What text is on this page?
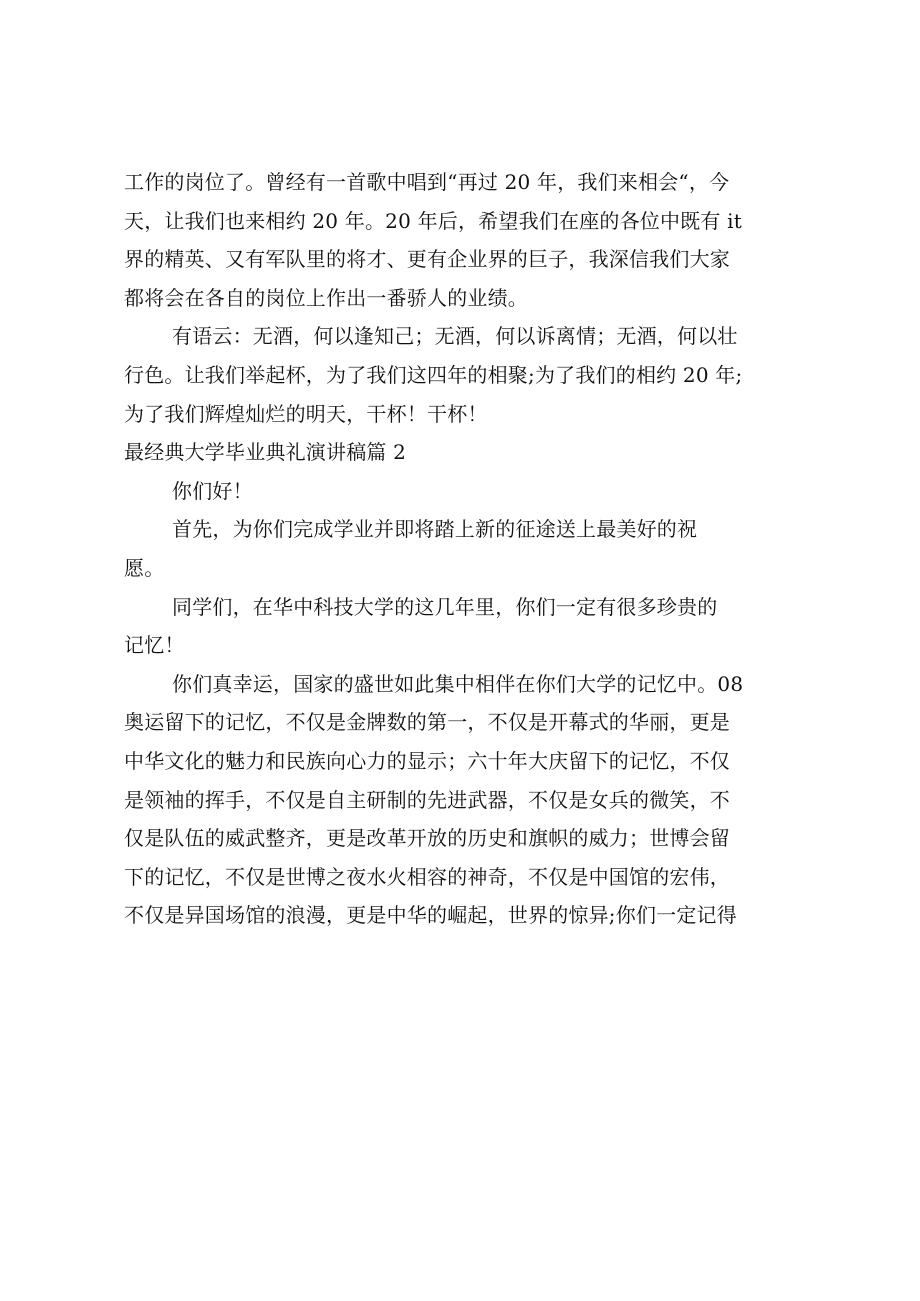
工作的岗位了。曾经有一首歌中唱到“再过 20 年，我们来相会“，今
天，让我们也来相约 20 年。20 年后，希望我们在座的各位中既有 it
界的精英、又有军队里的将才、更有企业界的巨子，我深信我们大家
都将会在各自的岗位上作出一番骄人的业绩。
有语云：无酒，何以逢知己；无酒，何以诉离情；无酒，何以壮
行色。让我们举起杯，为了我们这四年的相聚;为了我们的相约 20 年;
为了我们辉煌灿烂的明天，干杯！干杯！
最经典大学毕业典礼演讲稿篇 2
你们好！
首先，为你们完成学业并即将踏上新的征途送上最美好的祝
愿。
同学们，在华中科技大学的这几年里，你们一定有很多珍贵的
记忆！
你们真幸运，国家的盛世如此集中相伴在你们大学的记忆中。08
奥运留下的记忆，不仅是金牌数的第一，不仅是开幕式的华丽，更是
中华文化的魅力和民族向心力的显示；六十年大庆留下的记忆，不仅
是领袖的挥手，不仅是自主研制的先进武器，不仅是女兵的微笑，不
仅是队伍的威武整齐，更是改革开放的历史和旗帜的威力；世博会留
下的记忆，不仅是世博之夜水火相容的神奇，不仅是中国馆的宏伟，
不仅是异国场馆的浪漫，更是中华的崛起，世界的惊异;你们一定记得
